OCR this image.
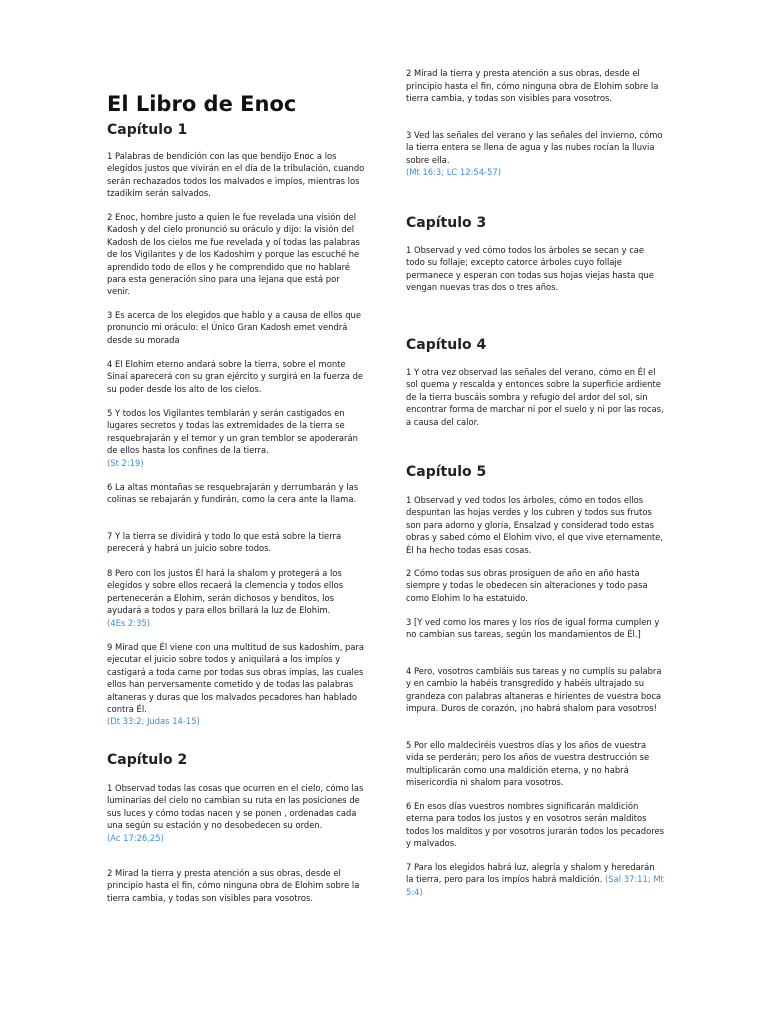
El Libro de Enoc
Capítulo 1

1 Palabras de bendición con las que bendijo Enoc a los elegidos justos que vivirán en el día de la tribulación, cuando serán rechazados todos los malvados e impíos, mientras los tzadikim serán salvados.

2 Enoc, hombre justo a quien le fue revelada una visión del Kadosh y del cielo pronunció su oráculo y dijo: la visión del Kadosh de los cielos me fue revelada y oí todas las palabras de los Vigilantes y de los Kadoshim y porque las escuché he aprendido todo de ellos y he comprendido que no hablaré para esta generación sino para una lejana que está por venir.

3 Es acerca de los elegidos que hablo y a causa de ellos que pronuncio mi oráculo: el Único Gran Kadosh emet vendrá desde su morada

4 El Elohim eterno andará sobre la tierra, sobre el monte Sinaí aparecerá con su gran ejército y surgirá en la fuerza de su poder desde los alto de los cielos.

5 Y todos los Vigilantes temblarán y serán castigados en lugares secretos y todas las extremidades de la tierra se resquebrajarán y el temor y un gran temblor se apoderarán de ellos hasta los confines de la tierra.
(St 2:19)

6 La altas montañas se resquebrajarán y derrumbarán y las colinas se rebajarán y fundirán, como la cera ante la llama.

7 Y la tierra se dividirá y todo lo que está sobre la tierra perecerá y habrá un juicio sobre todos.

8 Pero con los justos Él hará la shalom y protegerá a los elegidos y sobre ellos recaerá la clemencia y todos ellos pertenecerán a Elohim, serán dichosos y benditos, los ayudará a todos y para ellos brillará la luz de Elohim.
(4Es 2:35)

9 Mirad que Él viene con una multitud de sus kadoshim, para ejecutar el juicio sobre todos y aniquilará a los impíos y castigará a toda carne por todas sus obras impías, las cuales ellos han perversamente cometido y de todas las palabras altaneras y duras que los malvados pecadores han hablado contra Él.
(Dt 33:2; Judas 14-15)

Capítulo 2

1 Observad todas las cosas que ocurren en el cielo, cómo las luminarias del cielo no cambian su ruta en las posiciones de sus luces y cómo todas nacen y se ponen , ordenadas cada una según su estación y no desobedecen su orden.
(Ac 17:26.25)

2 Mirad la tierra y presta atención a sus obras, desde el principio hasta el fin, cómo ninguna obra de Elohim sobre la tierra cambia, y todas son visibles para vosotros.

2 Mirad la tierra y presta atención a sus obras, desde el principio hasta el fin, cómo ninguna obra de Elohim sobre la tierra cambia, y todas son visibles para vosotros.

3 Ved las señales del verano y las señales del invierno, cómo la tierra entera se llena de agua y las nubes rocían la lluvia sobre ella.
(Mt 16:3; LC 12:54-57)

Capítulo 3

1 Observad y ved cómo todos los árboles se secan y cae todo su follaje; excepto catorce árboles cuyo follaje permanece y esperan con todas sus hojas viejas hasta que vengan nuevas tras dos o tres años.

Capítulo 4

1 Y otra vez observad las señales del verano, cómo en Él el sol quema y rescalda y entonces sobre la superficie ardiente de la tierra buscáis sombra y refugio del ardor del sol, sin encontrar forma de marchar ni por el suelo y ni por las rocas, a causa del calor.

Capítulo 5

1 Observad y ved todos los árboles, cómo en todos ellos despuntan las hojas verdes y los cubren y todos sus frutos son para adorno y gloria, Ensalzad y considerad todo estas obras y sabed cómo el Elohim vivo, el que vive eternamente, Él ha hecho todas esas cosas.

2 Cómo todas sus obras prosiguen de año en año hasta siempre y todas le obedecen sin alteraciones y todo pasa como Elohim lo ha estatuido.

3 [Y ved como los mares y los ríos de igual forma cumplen y no cambian sus tareas, según los mandamientos de Él.]

4 Pero, vosotros cambiáis sus tareas y no cumplís su palabra y en cambio la habéis transgredido y habéis ultrajado su grandeza con palabras altaneras e hirientes de vuestra boca impura. Duros de corazón, ¡no habrá shalom para vosotros!

5 Por ello maldeciréis vuestros días y los años de vuestra vida se perderán; pero los años de vuestra destrucción se multiplicarán como una maldición eterna, y no habrá misericordia ni shalom para vosotros.

6 En esos días vuestros nombres significarán maldición eterna para todos los justos y en vosotros serán malditos todos los malditos y por vosotros jurarán todos los pecadores y malvados.

7 Para los elegidos habrá luz, alegría y shalom y heredarán la tierra, pero para los impíos habrá maldición. (Sal 37:11; Mt 5:4)
